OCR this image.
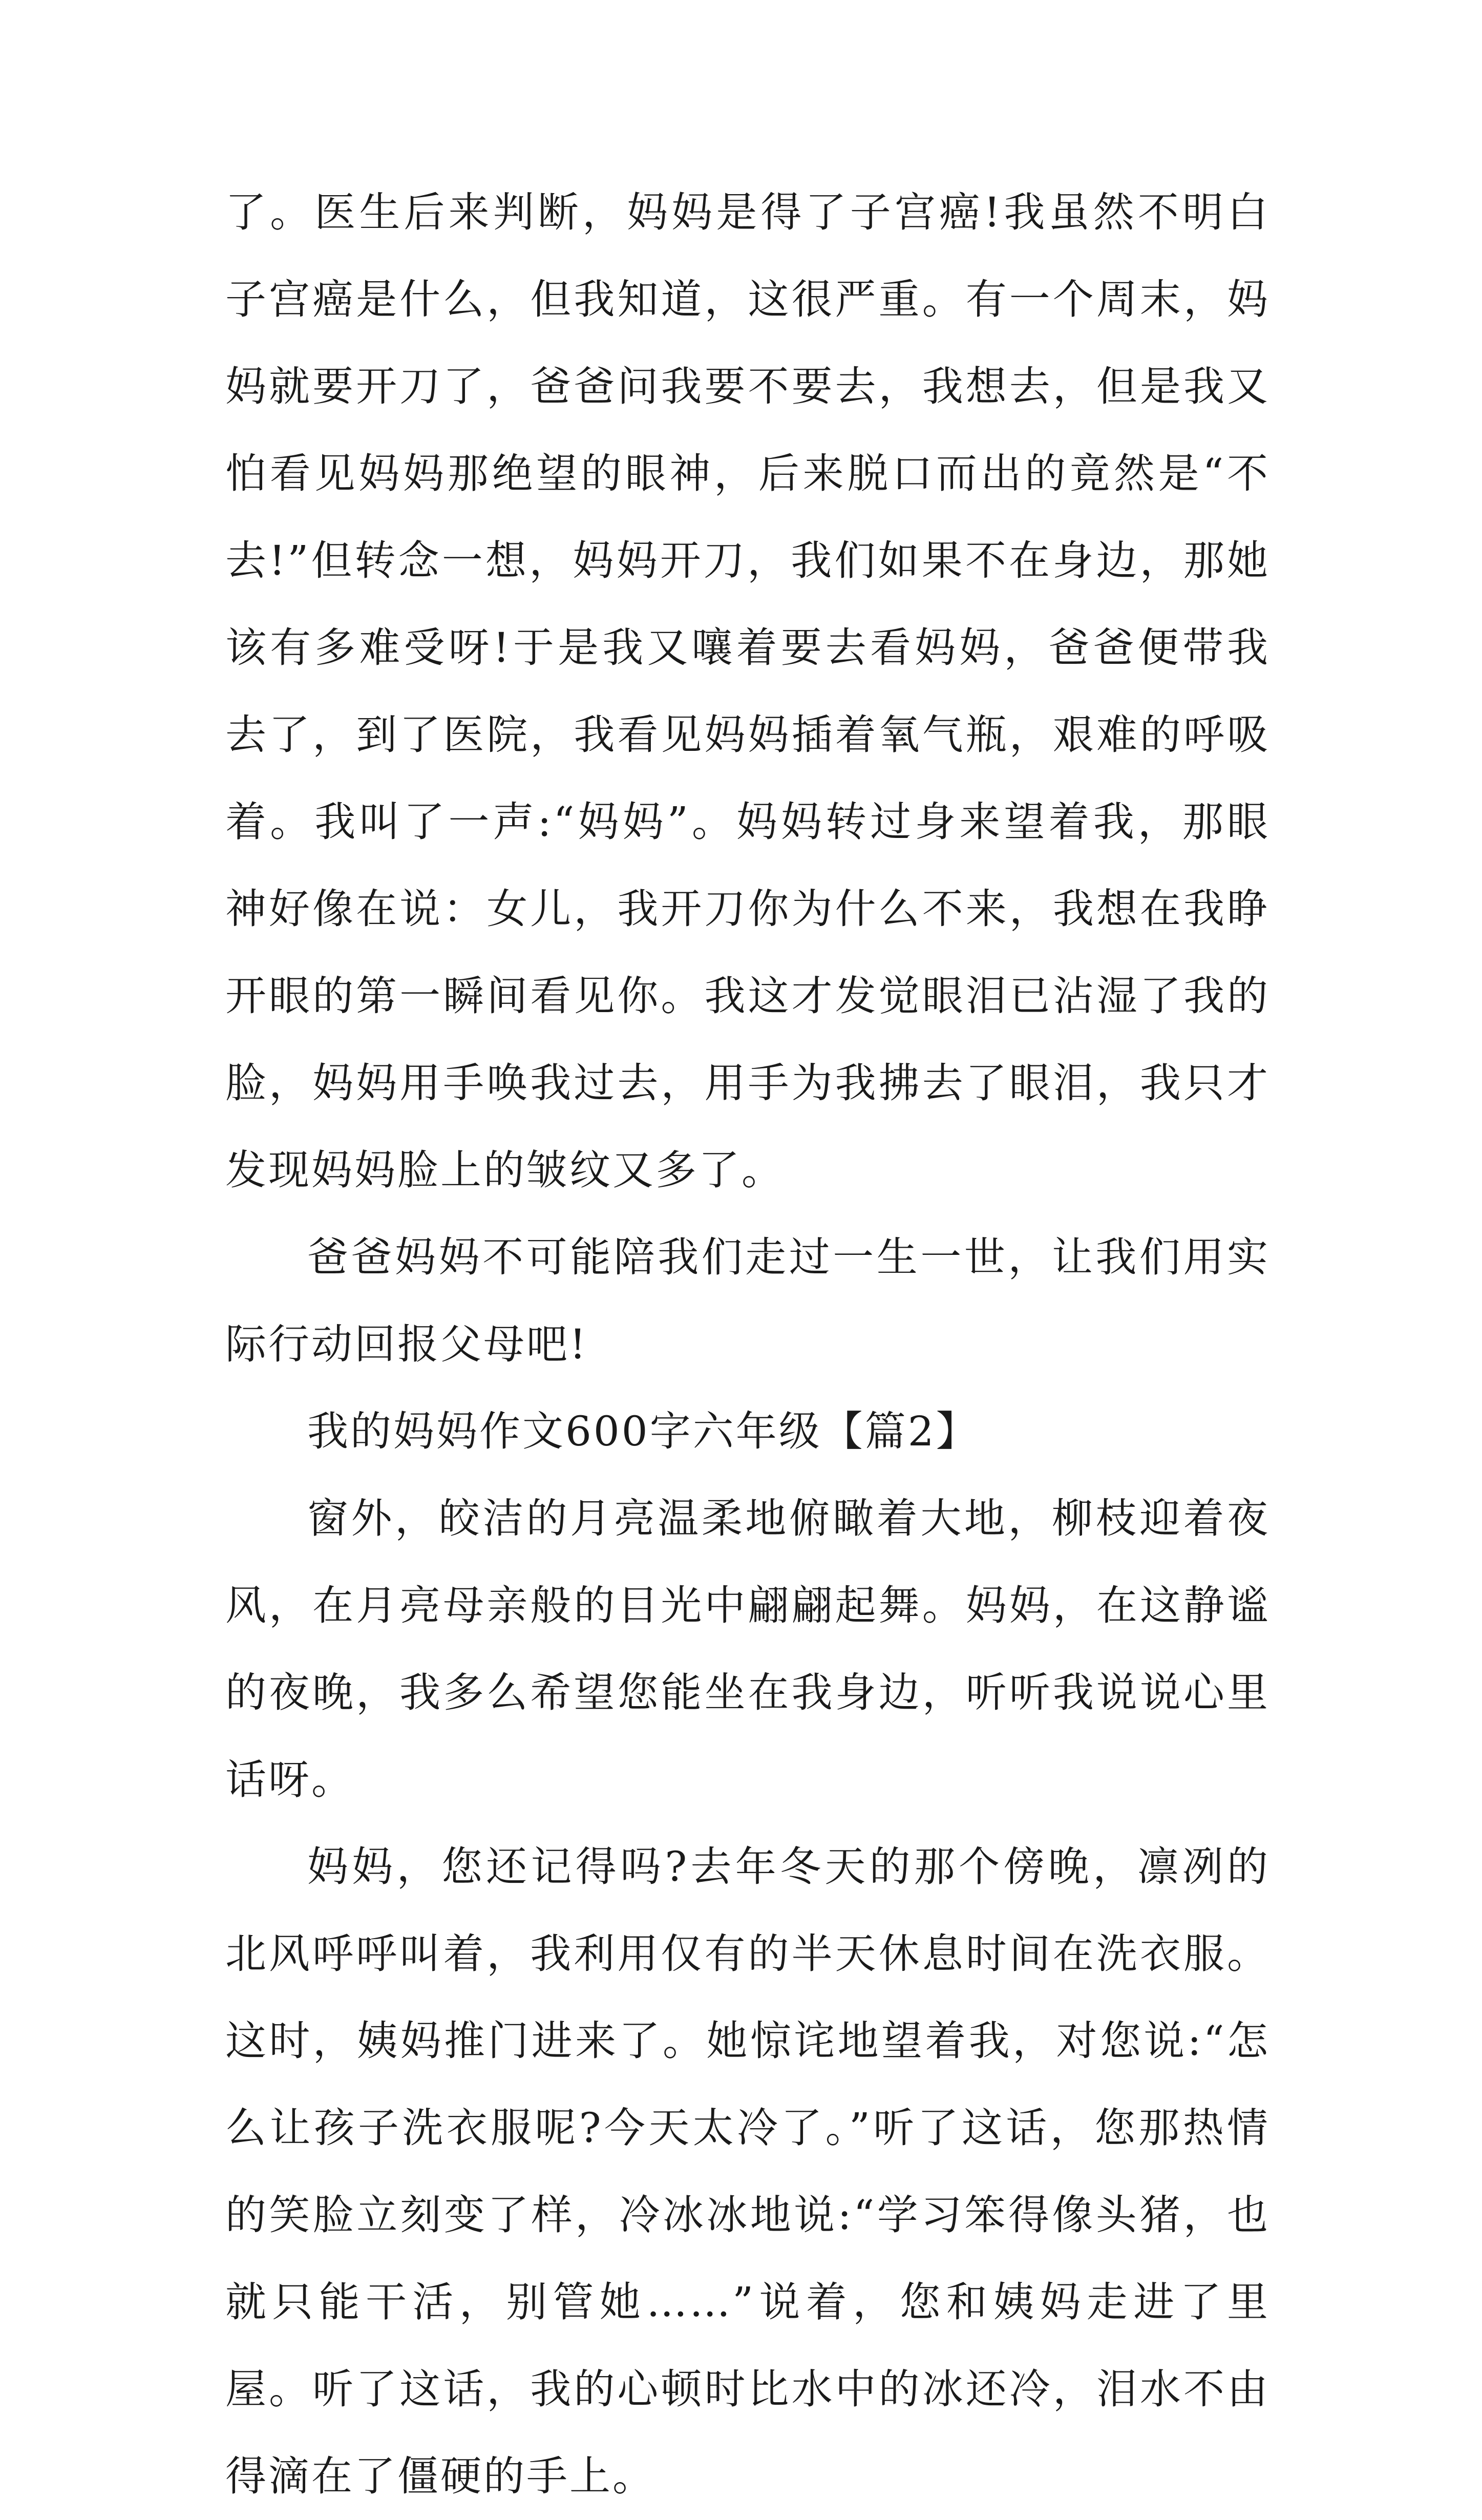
了。医生后来判断，妈妈是得了子宫癌!我虽然不明白子宫癌是什么，但我知道，这很严重。有一个周末，妈妈就要开刀了，爸爸问我要不要去，我想去，但是我又怕看见妈妈那绝望的眼神，后来脱口而出的竟然是“不去!”但转念一想，妈妈开刀，我们如果不在身边，那她该有多难受呀!于是我又嚷着要去看妈妈，爸爸便带我去了，到了医院，我看见妈妈插着氧气瓶，艰难的呼吸着。我叫了一声:“妈妈”。妈妈转过身来望着我，那眼神好像在说：女儿，我开刀你为什么不来，我想在我睁开眼的第一瞬间看见你。我这才发觉眼泪已沾湿了我的脸，妈妈用手唤我过去，用手为我拂去了眼泪，我只才发现妈妈脸上的皱纹又多了。

爸爸妈妈不可能陪我们走过一生一世，让我们用实际行动回报父母吧!

我的妈妈作文600字六年级【篇2】

窗外，皎洁的月亮温柔地俯瞰着大地，柳枝迎着夜风，在月亮母亲般的目光中翩翩起舞。妈妈，在这静谧的夜晚，我多么希望您能坐在我身边，听听我说说心里话呀。

妈妈，您还记得吗?去年冬天的那个傍晚，凛冽的北风呼呼叫着，我利用仅有的半天休息时间在洗衣服。这时，姨妈推门进来了。她惊诧地望着我，对您说:“怎么让孩子洗衣服呢?今天太冷了。”听了这话，您那热情的笑脸立刻变了样，冷冰冰地说:“学习笨得像头猪，也就只能干活，别管她……”说着，您和姨妈走进了里屋。听了这话，我的心顿时比水中的冰还冷，泪水不由得滴在了僵硬的手上。
